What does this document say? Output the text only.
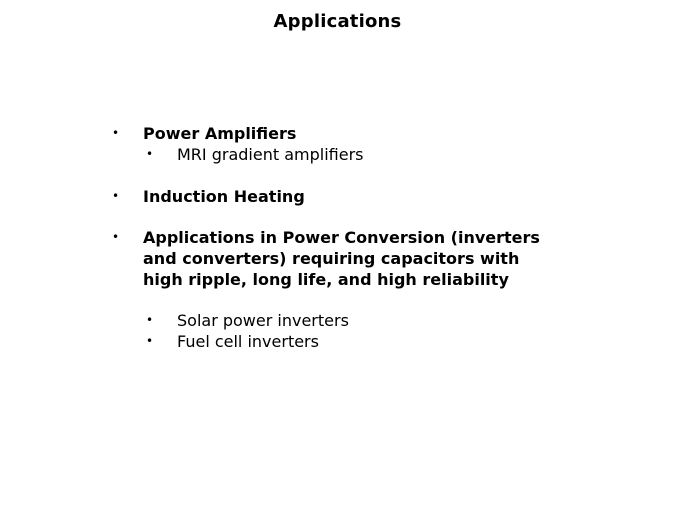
Applications
• Power Amplifiers
• MRI gradient amplifiers
• Induction Heating
• Applications in Power Conversion (inverters and converters) requiring capacitors with high ripple, long life, and high reliability
• Solar power inverters
• Fuel cell inverters
